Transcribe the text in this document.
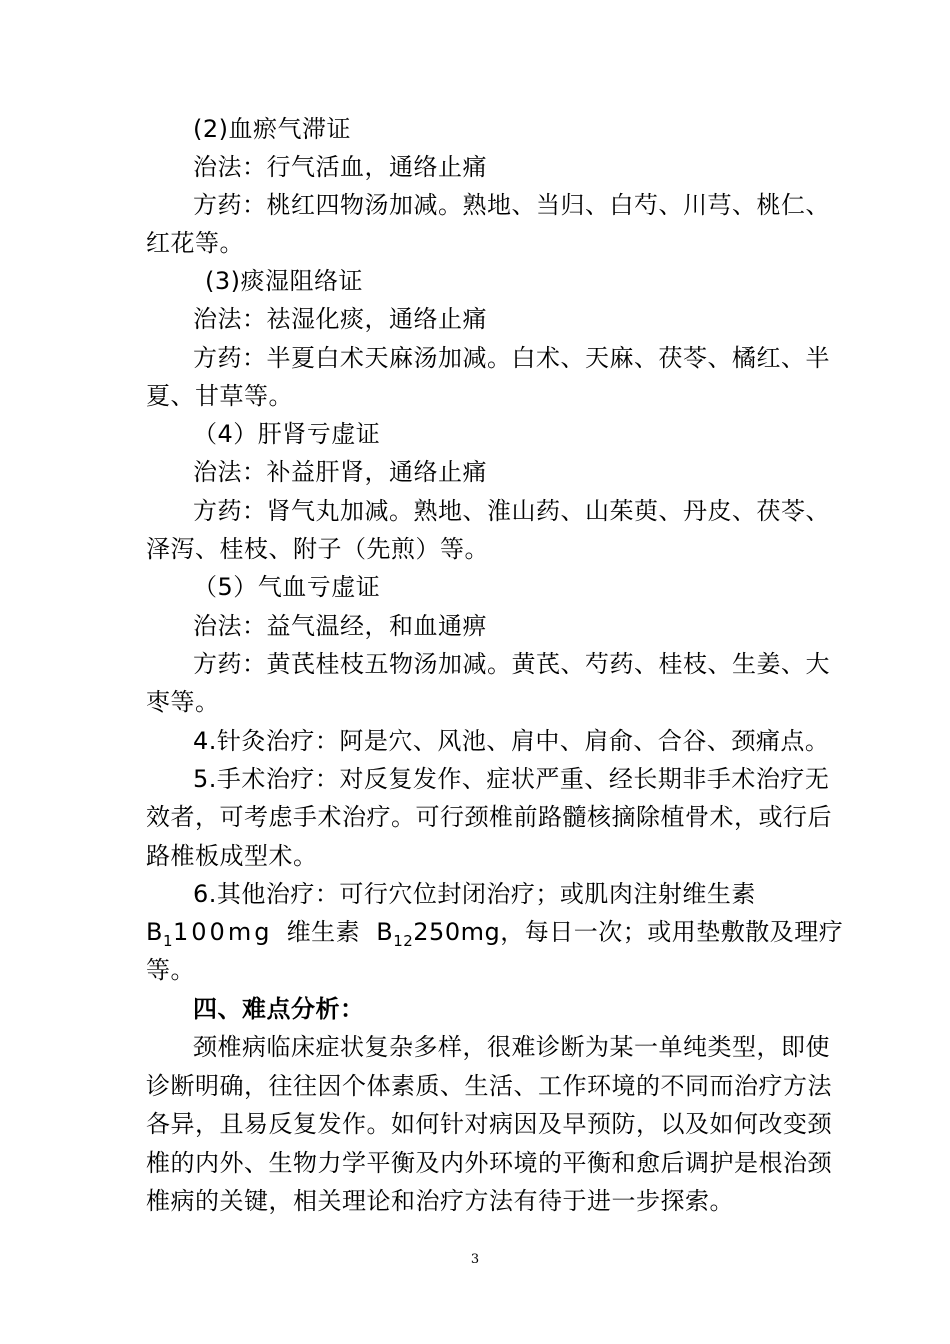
(2)血瘀气滞证
治法：行气活血，通络止痛
方药：桃红四物汤加减。熟地、当归、白芍、川芎、桃仁、
红花等。
(3)痰湿阻络证
治法：祛湿化痰，通络止痛
方药：半夏白术天麻汤加减。白术、天麻、茯苓、橘红、半
夏、甘草等。
（4）肝肾亏虚证
治法：补益肝肾，通络止痛
方药：肾气丸加减。熟地、淮山药、山茱萸、丹皮、茯苓、
泽泻、桂枝、附子（先煎）等。
（5）气血亏虚证
治法：益气温经，和血通痹
方药：黄芪桂枝五物汤加减。黄芪、芍药、桂枝、生姜、大
枣等。
4.针灸治疗：阿是穴、风池、肩中、肩俞、合谷、颈痛点。
5.手术治疗：对反复发作、症状严重、经长期非手术治疗无
效者，可考虑手术治疗。可行颈椎前路髓核摘除植骨术，或行后
路椎板成型术。
6.其他治疗：可行穴位封闭治疗；或肌肉注射维生素
$B_1100mg$ 维生素 $B_{12}250mg$，每日一次；或用垫敷散及理疗
等。
四、难点分析：
颈椎病临床症状复杂多样，很难诊断为某一单纯类型，即使
诊断明确，往往因个体素质、生活、工作环境的不同而治疗方法
各异，且易反复发作。如何针对病因及早预防，以及如何改变颈
椎的内外、生物力学平衡及内外环境的平衡和愈后调护是根治颈
椎病的关键，相关理论和治疗方法有待于进一步探索。
3
